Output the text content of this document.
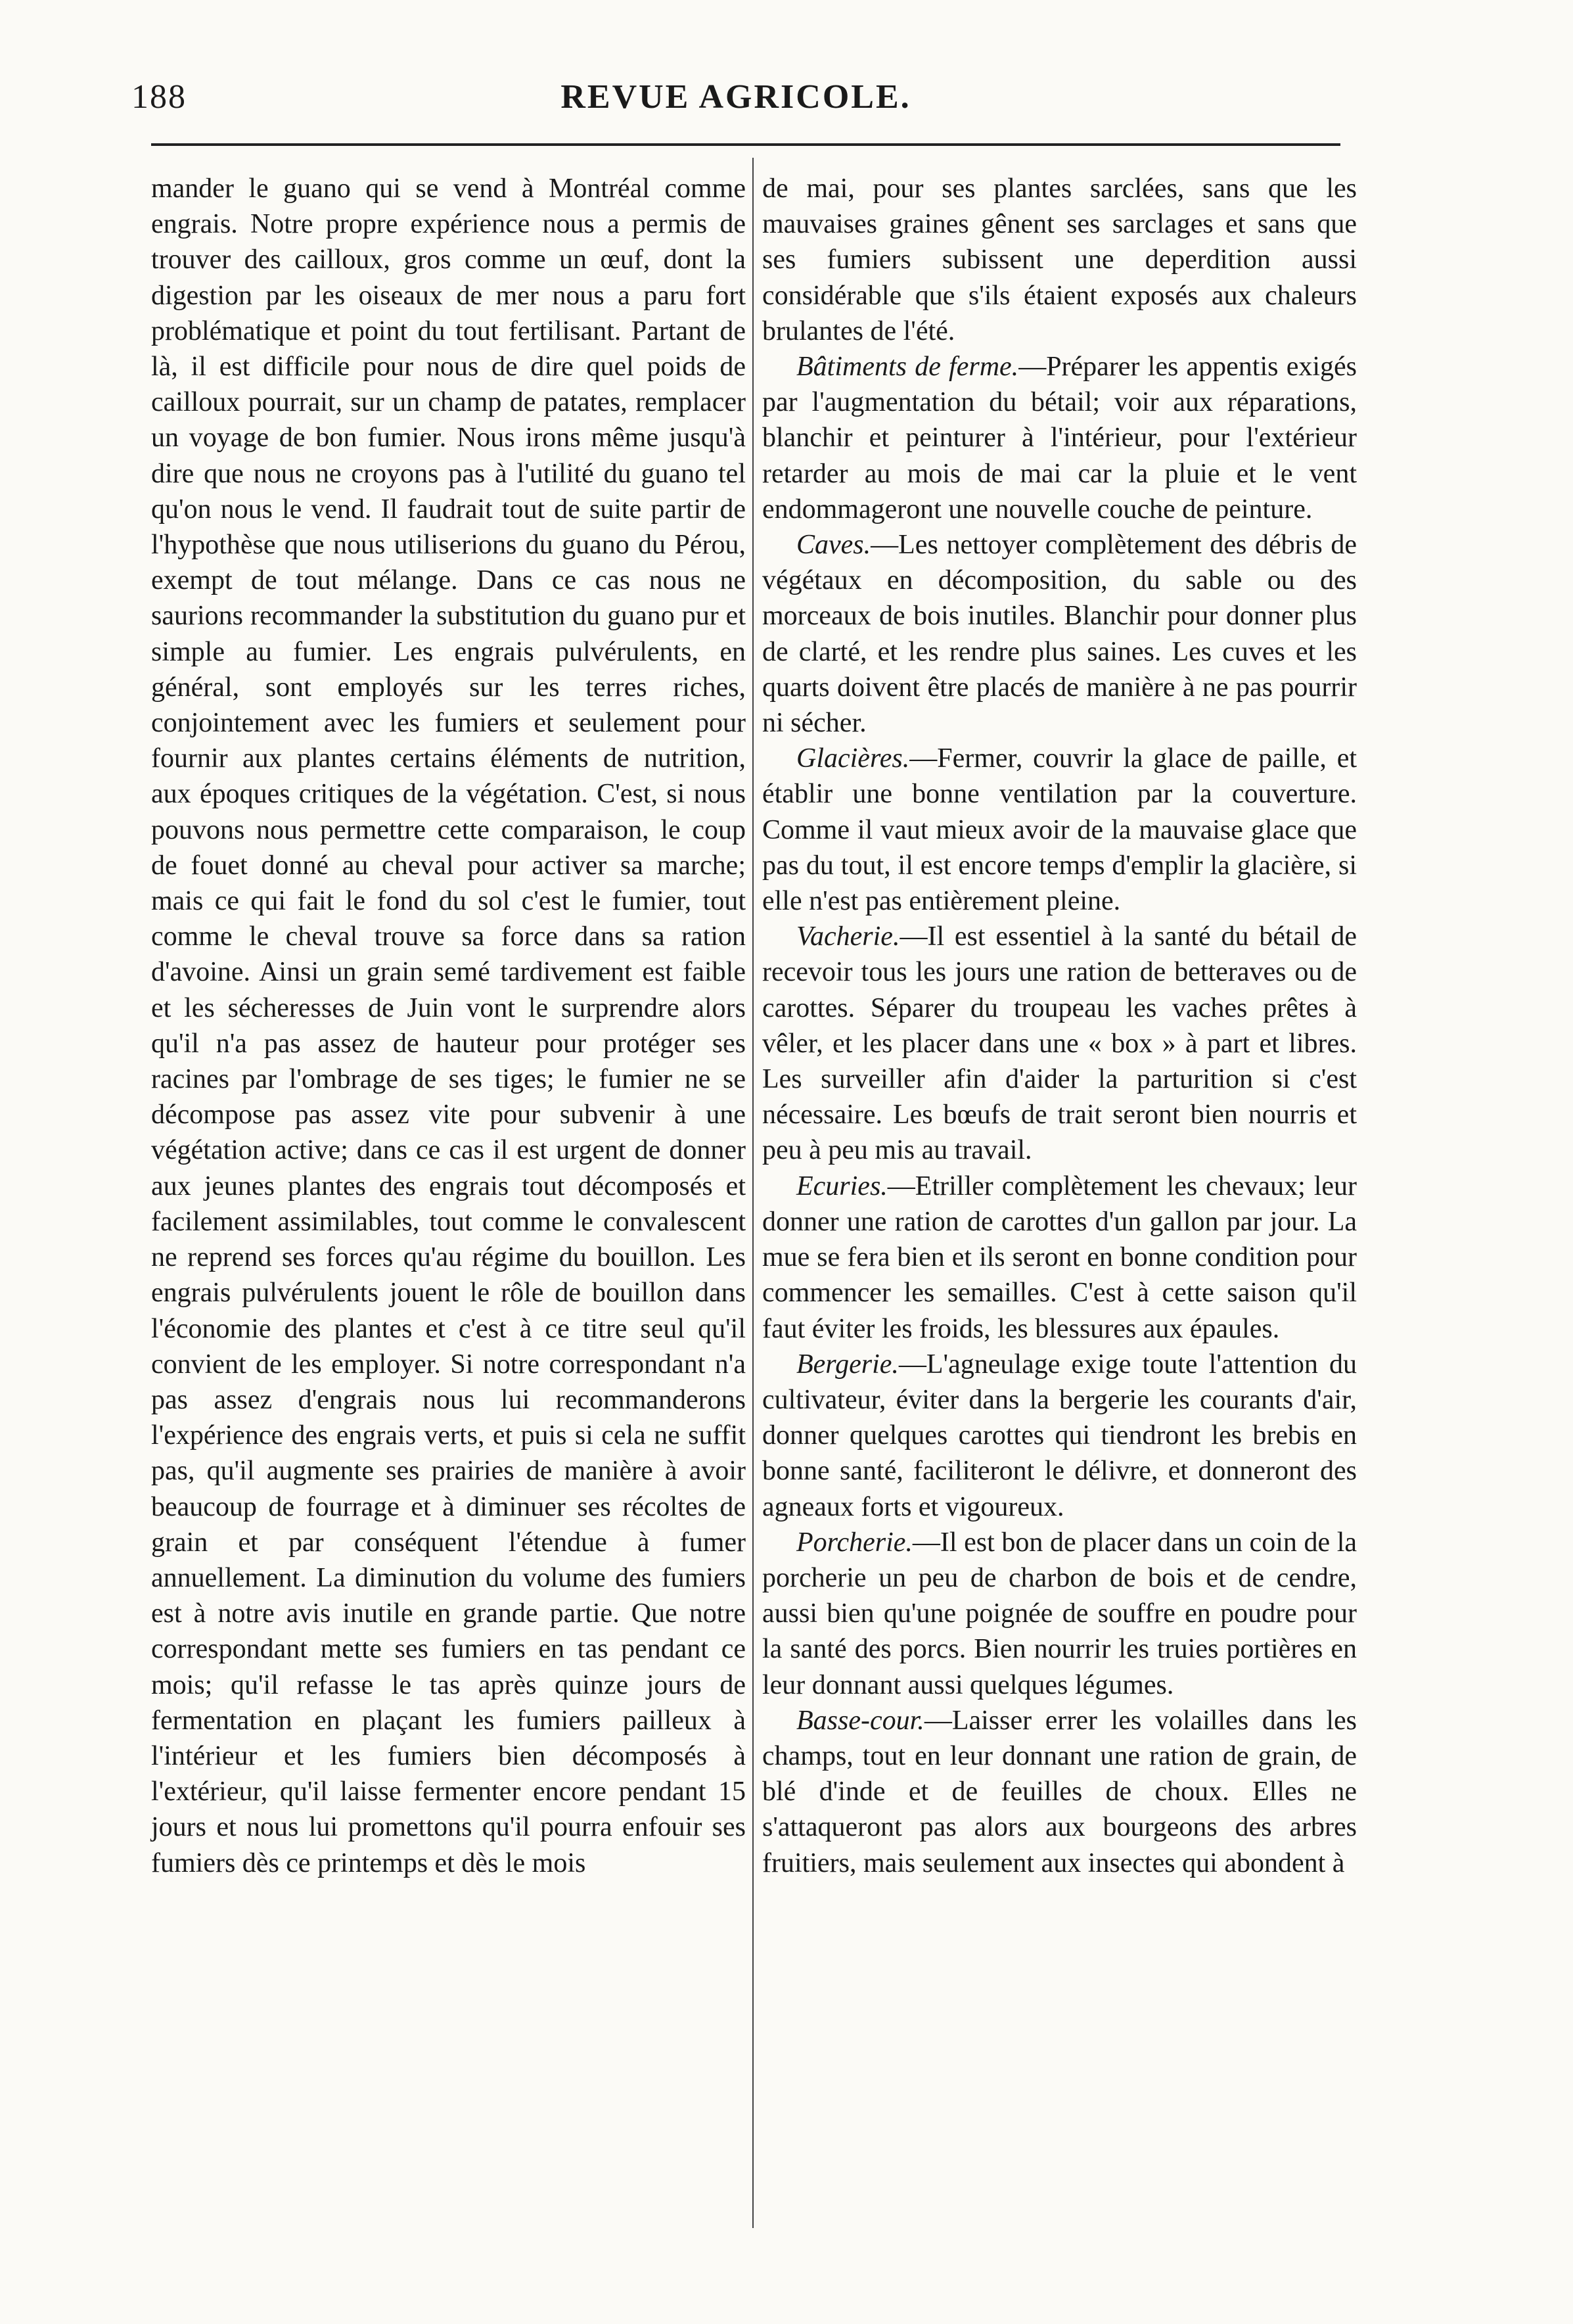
188	REVUE AGRICOLE.

mander le guano qui se vend à Montréal comme engrais. Notre propre expérience nous a permis de trouver des cailloux, gros comme un œuf, dont la digestion par les oiseaux de mer nous a paru fort problématique et point du tout fertilisant. Partant de là, il est difficile pour nous de dire quel poids de cailloux pourrait, sur un champ de patates, remplacer un voyage de bon fumier. Nous irons même jusqu'à dire que nous ne croyons pas à l'utilité du guano tel qu'on nous le vend. Il faudrait tout de suite partir de l'hypothèse que nous utiliserions du guano du Pérou, exempt de tout mélange. Dans ce cas nous ne saurions recommander la substitution du guano pur et simple au fumier. Les engrais pulvérulents, en général, sont employés sur les terres riches, conjointement avec les fumiers et seulement pour fournir aux plantes certains éléments de nutrition, aux époques critiques de la végétation. C'est, si nous pouvons nous permettre cette comparaison, le coup de fouet donné au cheval pour activer sa marche; mais ce qui fait le fond du sol c'est le fumier, tout comme le cheval trouve sa force dans sa ration d'avoine. Ainsi un grain semé tardivement est faible et les sécheresses de Juin vont le surprendre alors qu'il n'a pas assez de hauteur pour protéger ses racines par l'ombrage de ses tiges; le fumier ne se décompose pas assez vite pour subvenir à une végétation active; dans ce cas il est urgent de donner aux jeunes plantes des engrais tout décomposés et facilement assimilables, tout comme le convalescent ne reprend ses forces qu'au régime du bouillon. Les engrais pulvérulents jouent le rôle de bouillon dans l'économie des plantes et c'est à ce titre seul qu'il convient de les employer. Si notre correspondant n'a pas assez d'engrais nous lui recommanderons l'expérience des engrais verts, et puis si cela ne suffit pas, qu'il augmente ses prairies de manière à avoir beaucoup de fourrage et à diminuer ses récoltes de grain et par conséquent l'étendue à fumer annuellement. La diminution du volume des fumiers est à notre avis inutile en grande partie. Que notre correspondant mette ses fumiers en tas pendant ce mois; qu'il refasse le tas après quinze jours de fermentation en plaçant les fumiers pailleux à l'intérieur et les fumiers bien décomposés à l'extérieur, qu'il laisse fermenter encore pendant 15 jours et nous lui promettons qu'il pourra enfouir ses fumiers dès ce printemps et dès le mois

de mai, pour ses plantes sarclées, sans que les mauvaises graines gênent ses sarclages et sans que ses fumiers subissent une deperdition aussi considérable que s'ils étaient exposés aux chaleurs brulantes de l'été.

Bâtiments de ferme.—Préparer les appentis exigés par l'augmentation du bétail; voir aux réparations, blanchir et peinturer à l'intérieur, pour l'extérieur retarder au mois de mai car la pluie et le vent endommageront une nouvelle couche de peinture.

Caves.—Les nettoyer complètement des débris de végétaux en décomposition, du sable ou des morceaux de bois inutiles. Blanchir pour donner plus de clarté, et les rendre plus saines. Les cuves et les quarts doivent être placés de manière à ne pas pourrir ni sécher.

Glacières.—Fermer, couvrir la glace de paille, et établir une bonne ventilation par la couverture. Comme il vaut mieux avoir de la mauvaise glace que pas du tout, il est encore temps d'emplir la glacière, si elle n'est pas entièrement pleine.

Vacherie.—Il est essentiel à la santé du bétail de recevoir tous les jours une ration de betteraves ou de carottes. Séparer du troupeau les vaches prêtes à vêler, et les placer dans une « box » à part et libres. Les surveiller afin d'aider la parturition si c'est nécessaire. Les bœufs de trait seront bien nourris et peu à peu mis au travail.

Ecuries.—Etriller complètement les chevaux; leur donner une ration de carottes d'un gallon par jour. La mue se fera bien et ils seront en bonne condition pour commencer les semailles. C'est à cette saison qu'il faut éviter les froids, les blessures aux épaules.

Bergerie.—L'agneulage exige toute l'attention du cultivateur, éviter dans la bergerie les courants d'air, donner quelques carottes qui tiendront les brebis en bonne santé, faciliteront le délivre, et donneront des agneaux forts et vigoureux.

Porcherie.—Il est bon de placer dans un coin de la porcherie un peu de charbon de bois et de cendre, aussi bien qu'une poignée de souffre en poudre pour la santé des porcs. Bien nourrir les truies portières en leur donnant aussi quelques légumes.

Basse-cour.—Laisser errer les volailles dans les champs, tout en leur donnant une ration de grain, de blé d'inde et de feuilles de choux. Elles ne s'attaqueront pas alors aux bourgeons des arbres fruitiers, mais seulement aux insectes qui abondent à
